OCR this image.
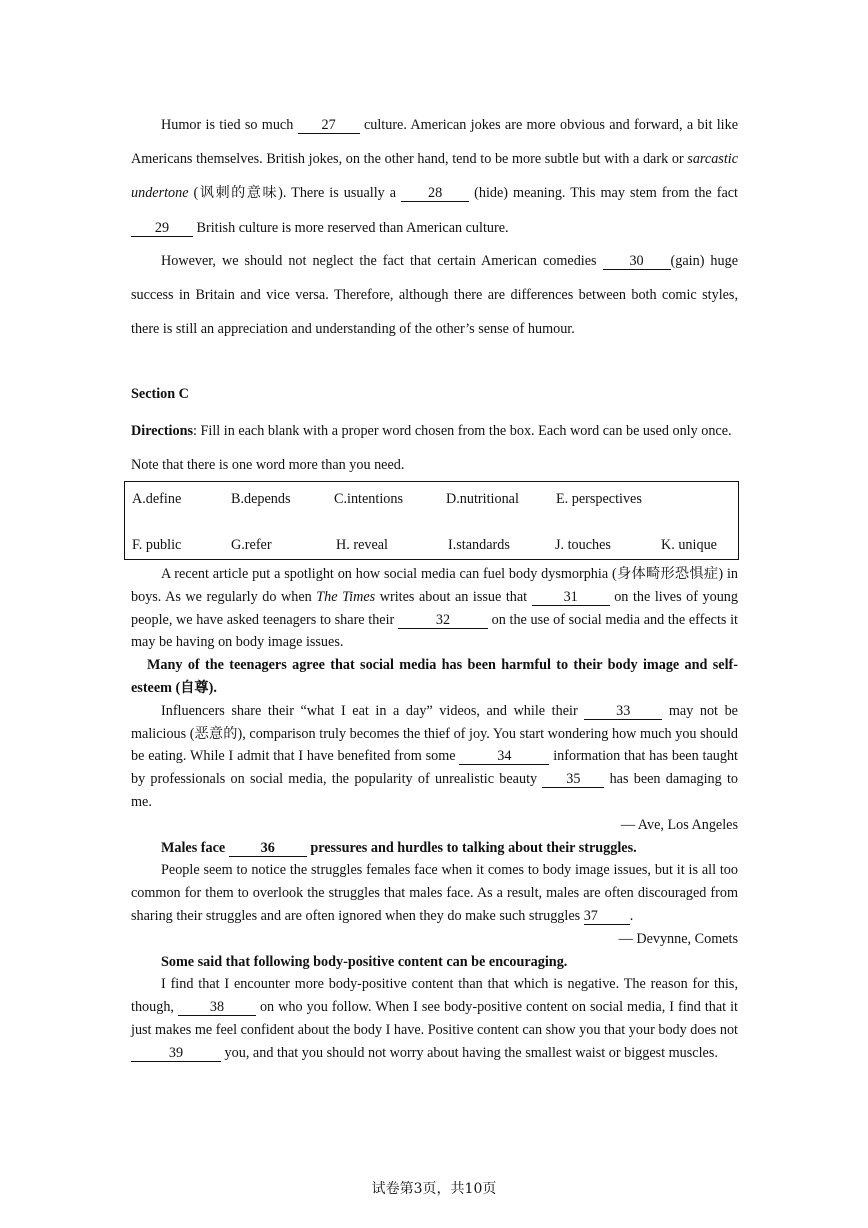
Humor is tied so much 27 culture. American jokes are more obvious and forward, a bit like Americans themselves. British jokes, on the other hand, tend to be more subtle but with a dark or sarcastic undertone (讽刺的意味). There is usually a 28 (hide) meaning. This may stem from the fact 29 British culture is more reserved than American culture.
However, we should not neglect the fact that certain American comedies 30 (gain) huge success in Britain and vice versa. Therefore, although there are differences between both comic styles, there is still an appreciation and understanding of the other’s sense of humour.
Section C
Directions: Fill in each blank with a proper word chosen from the box. Each word can be used only once. Note that there is one word more than you need.
A.define	B.depends	C.intentions	D.nutritional	E. perspectives
F. public	G.refer	H. reveal	I.standards	J. touches	K. unique

A recent article put a spotlight on how social media can fuel body dysmorphia (身体畸形恐惧症) in boys. As we regularly do when The Times writes about an issue that 31 on the lives of young people, we have asked teenagers to share their	32	on the use of social media and the effects it may be having on body image issues.

Many of the teenagers agree that social media has been harmful to their body image and self-esteem (自尊).

Influencers share their “what I eat in a day” videos, and while their 33 may not be malicious (恶意的), comparison truly becomes the thief of joy. You start wondering how much you should be eating. While I admit that I have benefited from some	34	information that has been taught by professionals on social media, the popularity of unrealistic beauty 35 has been damaging to me.

— Ave, Los Angeles

Males face 36 pressures and hurdles to talking about their struggles.

People seem to notice the struggles females face when it comes to body image issues, but it is all too common for them to overlook the struggles that males face. As a result, males are often discouraged from sharing their struggles and are often ignored when they do make such struggles 37 .

— Devynne, Comets

Some said that following body-positive content can be encouraging.

I find that I encounter more body-positive content than that which is negative. The reason for this, though, 38 on who you follow. When I see body-positive content on social media, I find that it just makes me feel confident about the body I have. Positive content can show you that your body does not 39	you, and that you should not worry about having the smallest waist or biggest muscles.

试卷第3页，共10页
